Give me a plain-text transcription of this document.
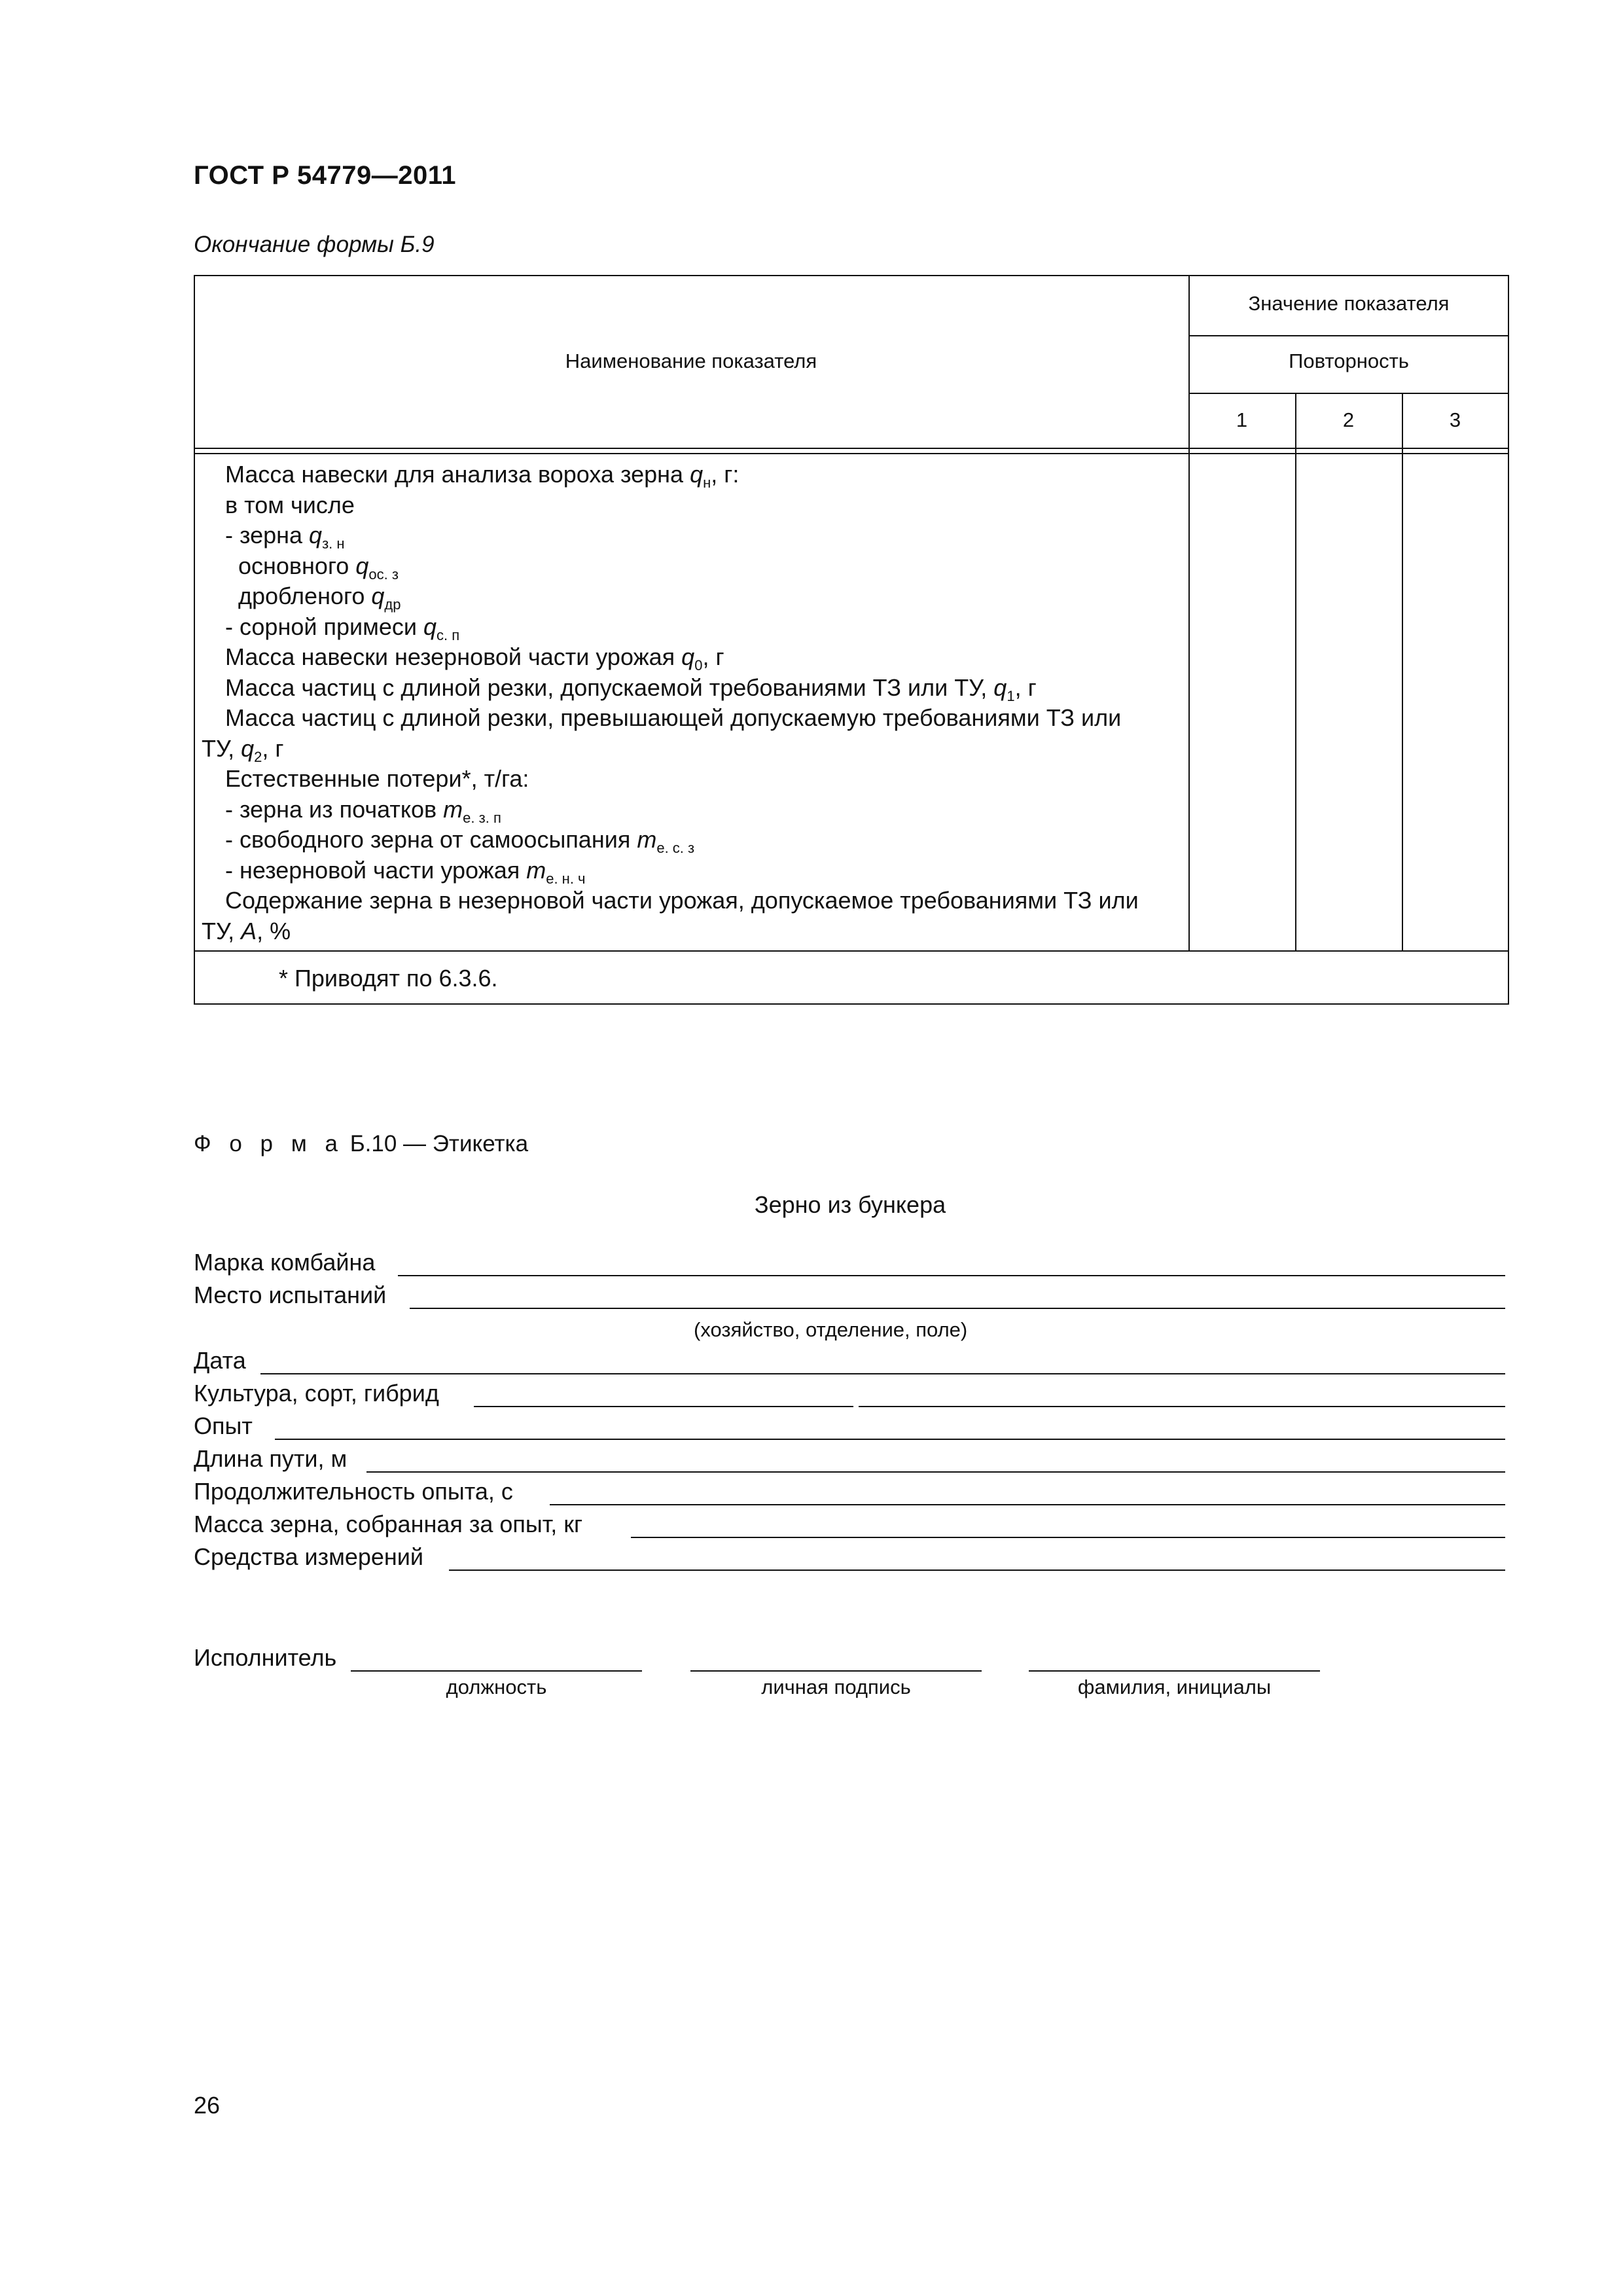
ГОСТ Р 54779—2011
Окончание формы Б.9
Наименование показателя
Значение показателя
Повторность
1	2	3
Масса навески для анализа вороха зерна $q_н$, г:
в том числе
- зерна $q_{з. н}$
основного $q_{ос. з}$
дробленого $q_{др}$
- сорной примеси $q_{с. п}$
Масса навески незерновой части урожая $q_0$, г
Масса частиц с длиной резки, допускаемой требованиями ТЗ или ТУ, $q_1$, г
Масса частиц с длиной резки, превышающей допускаемую требованиями ТЗ или
ТУ, $q_2$, г
Естественные потери*, т/га:
- зерна из початков $m_{е. з. п}$
- свободного зерна от самоосыпания $m_{е. с. з}$
- незерновой части урожая $m_{е. н. ч}$
Содержание зерна в незерновой части урожая, допускаемое требованиями ТЗ или
ТУ, A, %
* Приводят по 6.3.6.
Ф о р м а Б.10 — Этикетка
Зерно из бункера
Марка комбайна
Место испытаний
Дата
Культура, сорт, гибрид
Опыт
Длина пути, м
Продолжительность опыта, с
Масса зерна, собранная за опыт, кг
Средства измерений
(хозяйство, отделение, поле)
Исполнитель
должность	личная подпись	фамилия, инициалы
26
